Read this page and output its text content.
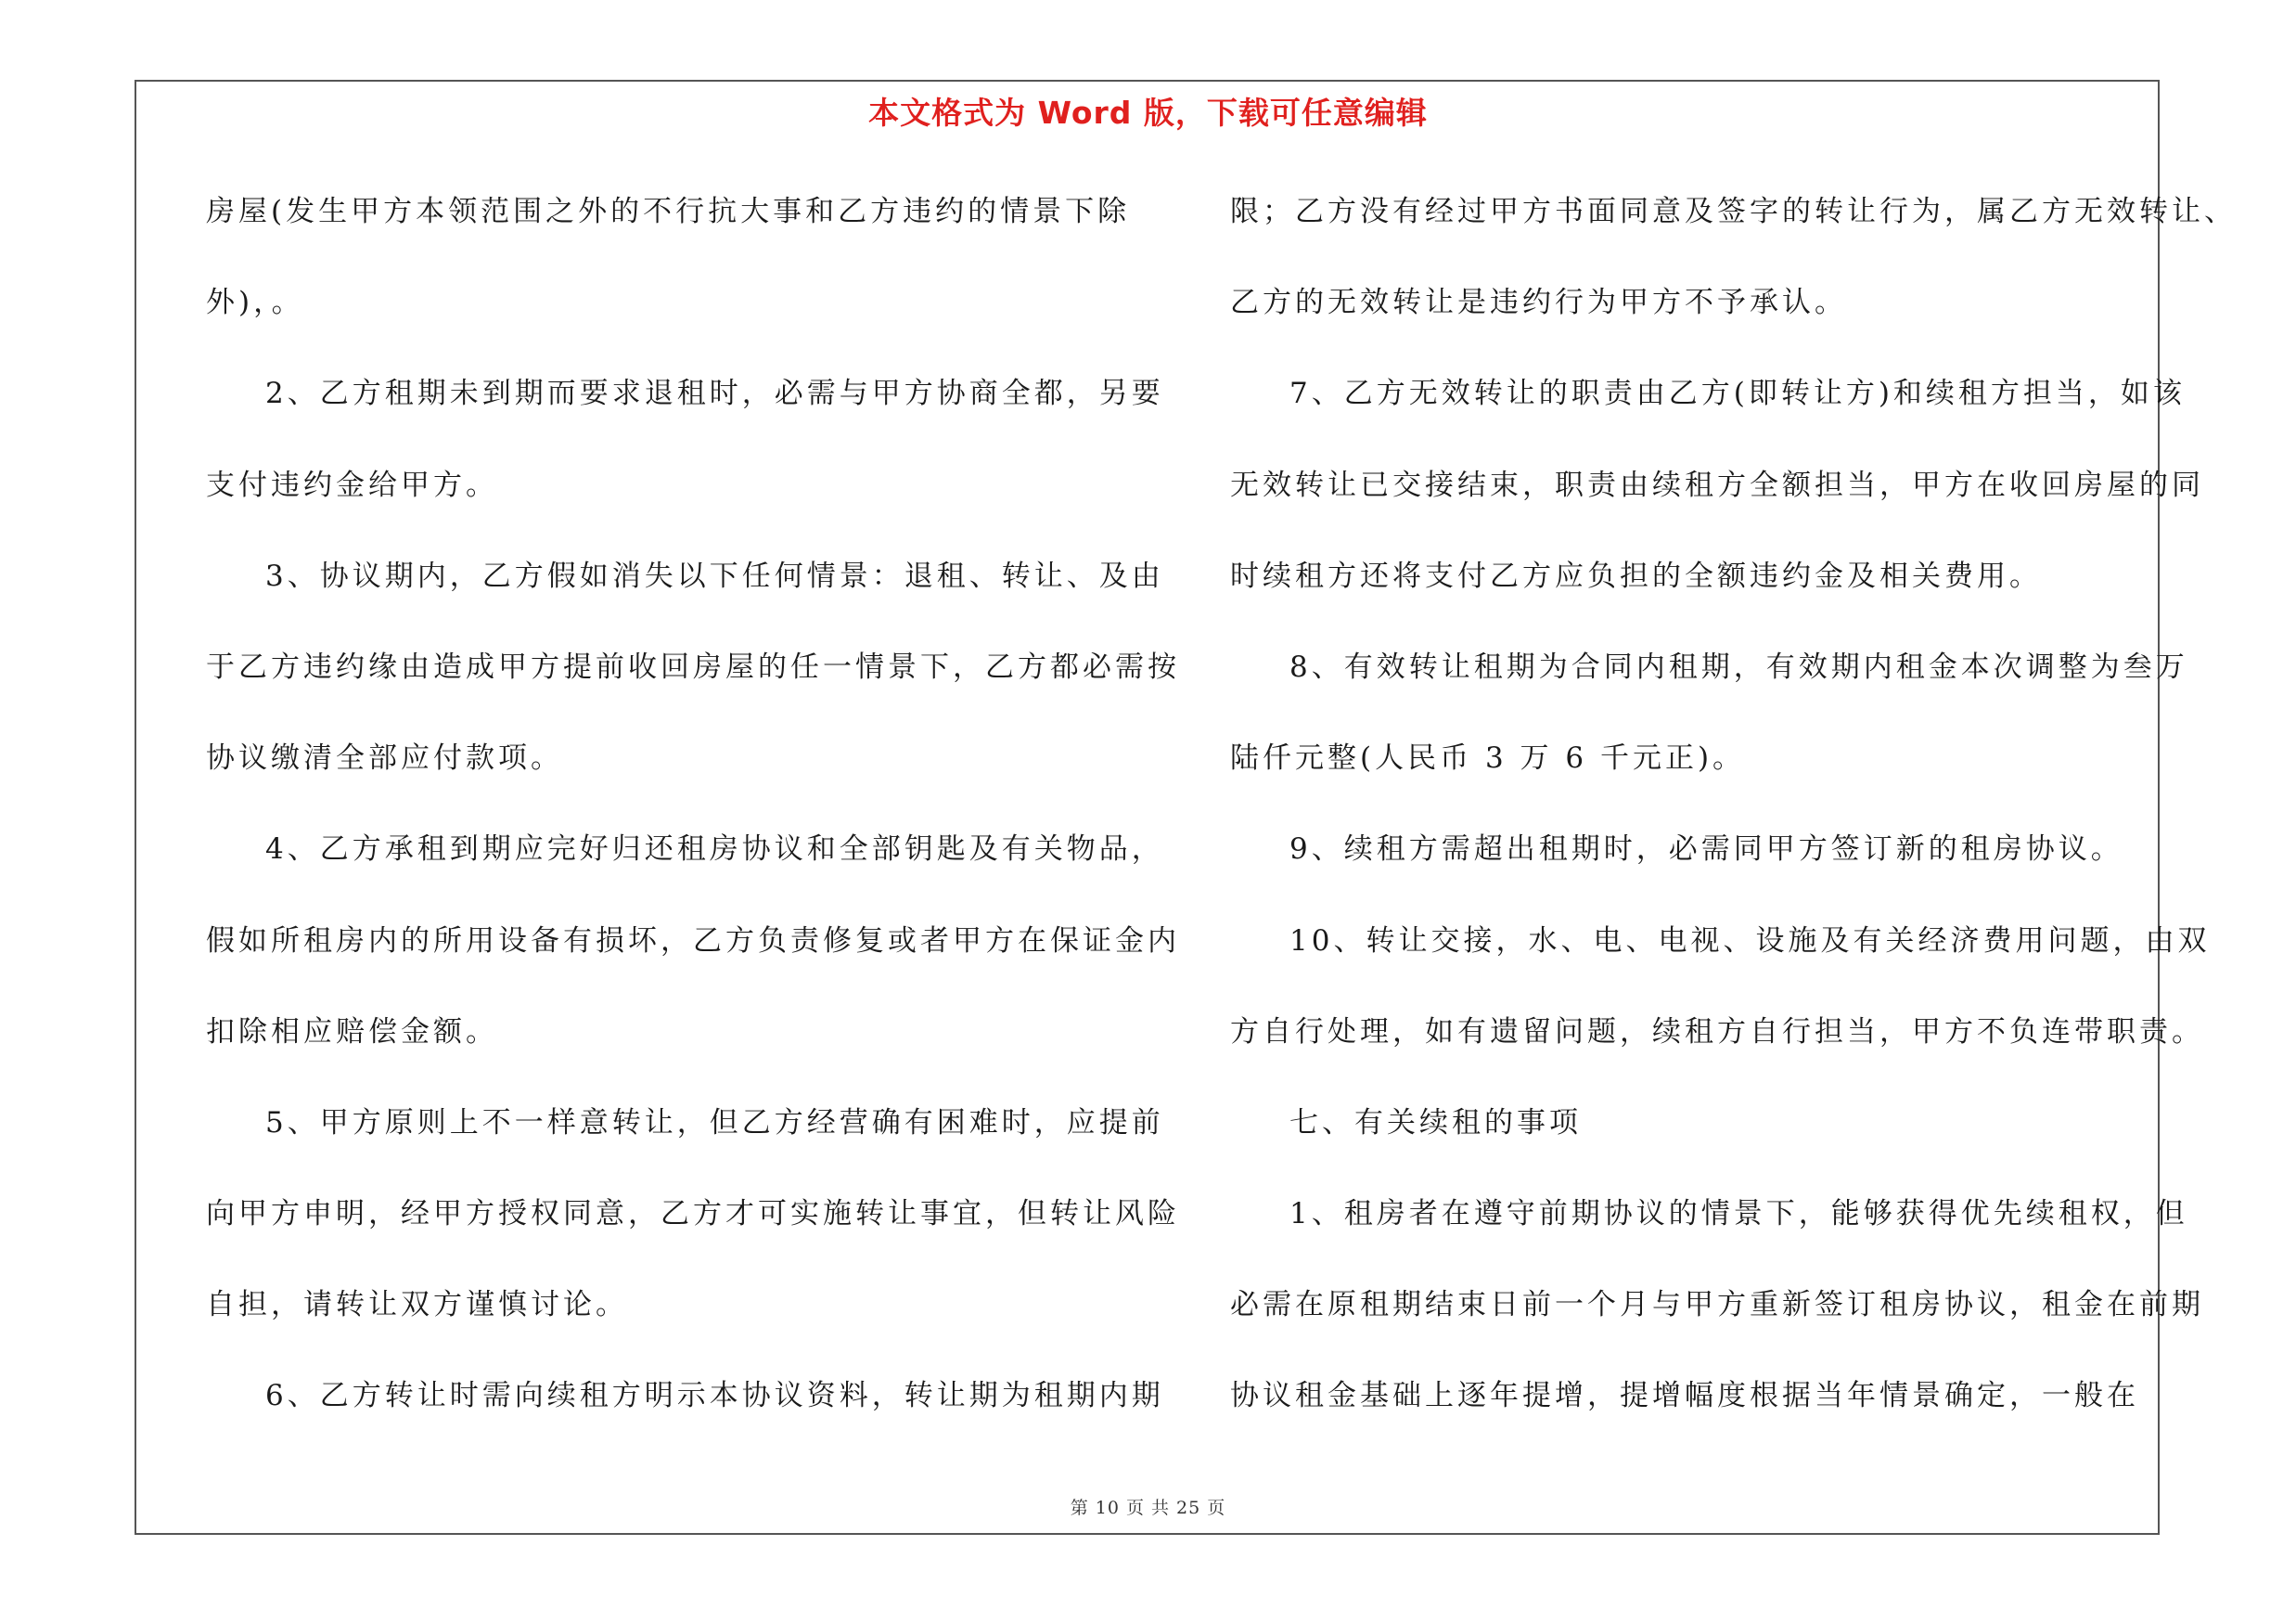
本文格式为 Word 版，下载可任意编辑
房屋(发生甲方本领范围之外的不行抗大事和乙方违约的情景下除
外)，。
2、乙方租期未到期而要求退租时，必需与甲方协商全都，另要
支付违约金给甲方。
3、协议期内，乙方假如消失以下任何情景：退租、转让、及由
于乙方违约缘由造成甲方提前收回房屋的任一情景下，乙方都必需按
协议缴清全部应付款项。
4、乙方承租到期应完好归还租房协议和全部钥匙及有关物品，
假如所租房内的所用设备有损坏，乙方负责修复或者甲方在保证金内
扣除相应赔偿金额。
5、甲方原则上不一样意转让，但乙方经营确有困难时，应提前
向甲方申明，经甲方授权同意，乙方才可实施转让事宜，但转让风险
自担，请转让双方谨慎讨论。
6、乙方转让时需向续租方明示本协议资料，转让期为租期内期
限；乙方没有经过甲方书面同意及签字的转让行为，属乙方无效转让、
乙方的无效转让是违约行为甲方不予承认。
7、乙方无效转让的职责由乙方(即转让方)和续租方担当，如该
无效转让已交接结束，职责由续租方全额担当，甲方在收回房屋的同
时续租方还将支付乙方应负担的全额违约金及相关费用。
8、有效转让租期为合同内租期，有效期内租金本次调整为叁万
陆仟元整(人民币 3 万 6 千元正)。
9、续租方需超出租期时，必需同甲方签订新的租房协议。
10、转让交接，水、电、电视、设施及有关经济费用问题，由双
方自行处理，如有遗留问题，续租方自行担当，甲方不负连带职责。
七、有关续租的事项
1、租房者在遵守前期协议的情景下，能够获得优先续租权，但
必需在原租期结束日前一个月与甲方重新签订租房协议，租金在前期
协议租金基础上逐年提增，提增幅度根据当年情景确定，一般在
第 10 页 共 25 页
